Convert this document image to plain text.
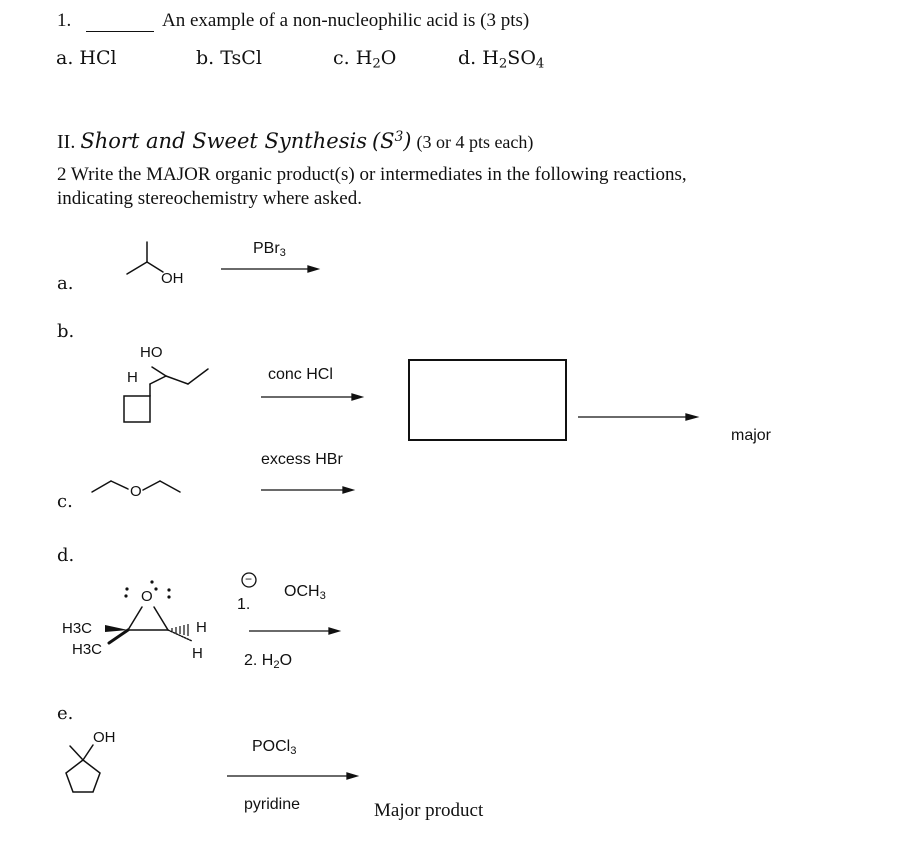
1.	An example of a non-nucleophilic acid is (3 pts)
a. HCl	b. TsCl	c. $H_2O$	d. $H_2SO_4$
II. Short and Sweet Synthesis $(S^3)$ (3 or 4 pts each)
2 Write the MAJOR organic product(s) or intermediates in the following reactions,
indicating stereochemistry where asked.
a.
b.
c.
d.
e.
OH
PBr$_3$
HO
H	conc HCl
major
O
excess HBr
O
H3C
H3C
H
H
−
1.
$OCH_3$
2. $H_2O$
OH
POCl$_3$
pyridine	Major product
